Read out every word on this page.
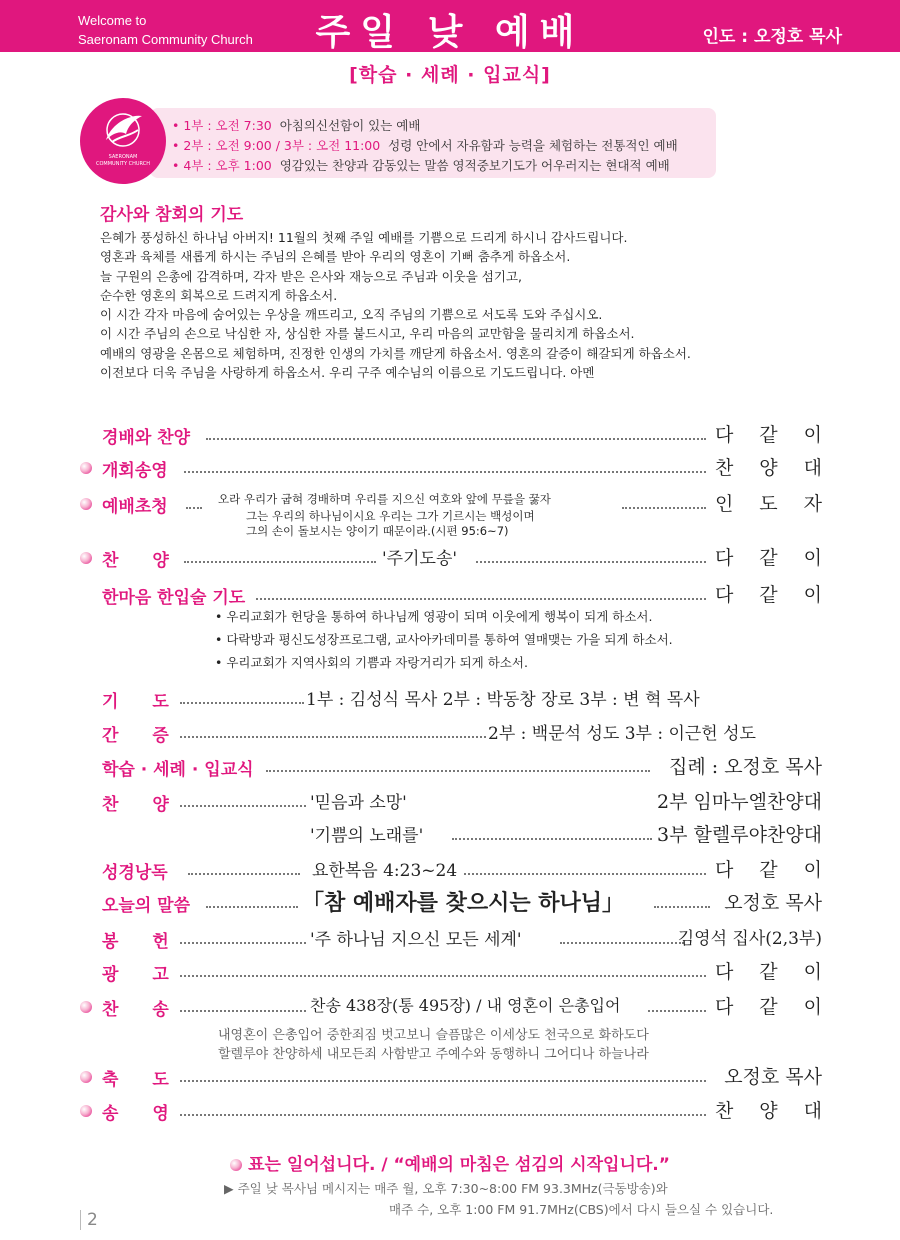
Welcome to
Saeronam Community Church	주일 낮 예배	인도 : 오정호 목사
[학습 · 세례 · 입교식]
SAERONAM
COMMUNITY CHURCH
• 1부 : 오전 7:30 아침의신선함이 있는 예배
• 2부 : 오전 9:00 / 3부 : 오전 11:00 성령 안에서 자유함과 능력을 체험하는 전통적인 예배
• 4부 : 오후 1:00 영감있는 찬양과 감동있는 말씀 영적중보기도가 어우러지는 현대적 예배
감사와 참회의 기도
은혜가 풍성하신 하나님 아버지! 11월의 첫째 주일 예배를 기쁨으로 드리게 하시니 감사드립니다.
영혼과 육체를 새롭게 하시는 주님의 은혜를 받아 우리의 영혼이 기뻐 춤추게 하옵소서.
늘 구원의 은총에 감격하며, 각자 받은 은사와 재능으로 주님과 이웃을 섬기고,
순수한 영혼의 회복으로 드려지게 하옵소서.
이 시간 각자 마음에 숨어있는 우상을 깨뜨리고, 오직 주님의 기쁨으로 서도록 도와 주십시오.
이 시간 주님의 손으로 낙심한 자, 상심한 자를 붙드시고, 우리 마음의 교만함을 물리치게 하옵소서.
예배의 영광을 온몸으로 체험하며, 진정한 인생의 가치를 깨닫게 하옵소서. 영혼의 갈증이 해갈되게 하옵소서.
이전보다 더욱 주님을 사랑하게 하옵소서. 우리 구주 예수님의 이름으로 기도드립니다. 아멘
경배와 찬양	다같이
개회송영	찬양대
예배초청	오라 우리가 굽혀 경배하며 우리를 지으신 여호와 앞에 무릎을 꿇자	인도자
그는 우리의 하나님이시요 우리는 그가 기르시는 백성이며
그의 손이 돌보시는 양이기 때문이라.(시편 95:6~7)
찬양	'주기도송'	다같이
한마음 한입술 기도	다같이
• 우리교회가 헌당을 통하여 하나님께 영광이 되며 이웃에게 행복이 되게 하소서.
• 다락방과 평신도성장프로그램, 교사아카데미를 통하여 열매맺는 가을 되게 하소서.
• 우리교회가 지역사회의 기쁨과 자랑거리가 되게 하소서.
기도	1부 : 김성식 목사 2부 : 박동창 장로 3부 : 변 혁 목사
간증	2부 : 백문석 성도 3부 : 이근헌 성도
학습 · 세례 · 입교식	집례 : 오정호 목사
찬양	'믿음과 소망'	2부 임마누엘찬양대
'기쁨의 노래를'	3부 할렐루야찬양대
성경낭독	요한복음 4:23~24	다같이
오늘의 말씀	「참 예배자를 찾으시는 하나님」	오정호 목사
봉헌	'주 하나님 지으신 모든 세계'	김영석 집사(2,3부)
광고	다같이
찬송	찬송 438장(통 495장) / 내 영혼이 은총입어	다같이
내영혼이 은총입어 중한죄짐 벗고보니 슬픔많은 이세상도 천국으로 화하도다
할렐루야 찬양하세 내모든죄 사함받고 주예수와 동행하니 그어디나 하늘나라
축도	오정호 목사
송영	찬양대
표는 일어섭니다. / “예배의 마침은 섬김의 시작입니다.”
▶ 주일 낮 목사님 메시지는 매주 월, 오후 7:30~8:00 FM 93.3MHz(극동방송)와
매주 수, 오후 1:00 FM 91.7MHz(CBS)에서 다시 들으실 수 있습니다.
2
